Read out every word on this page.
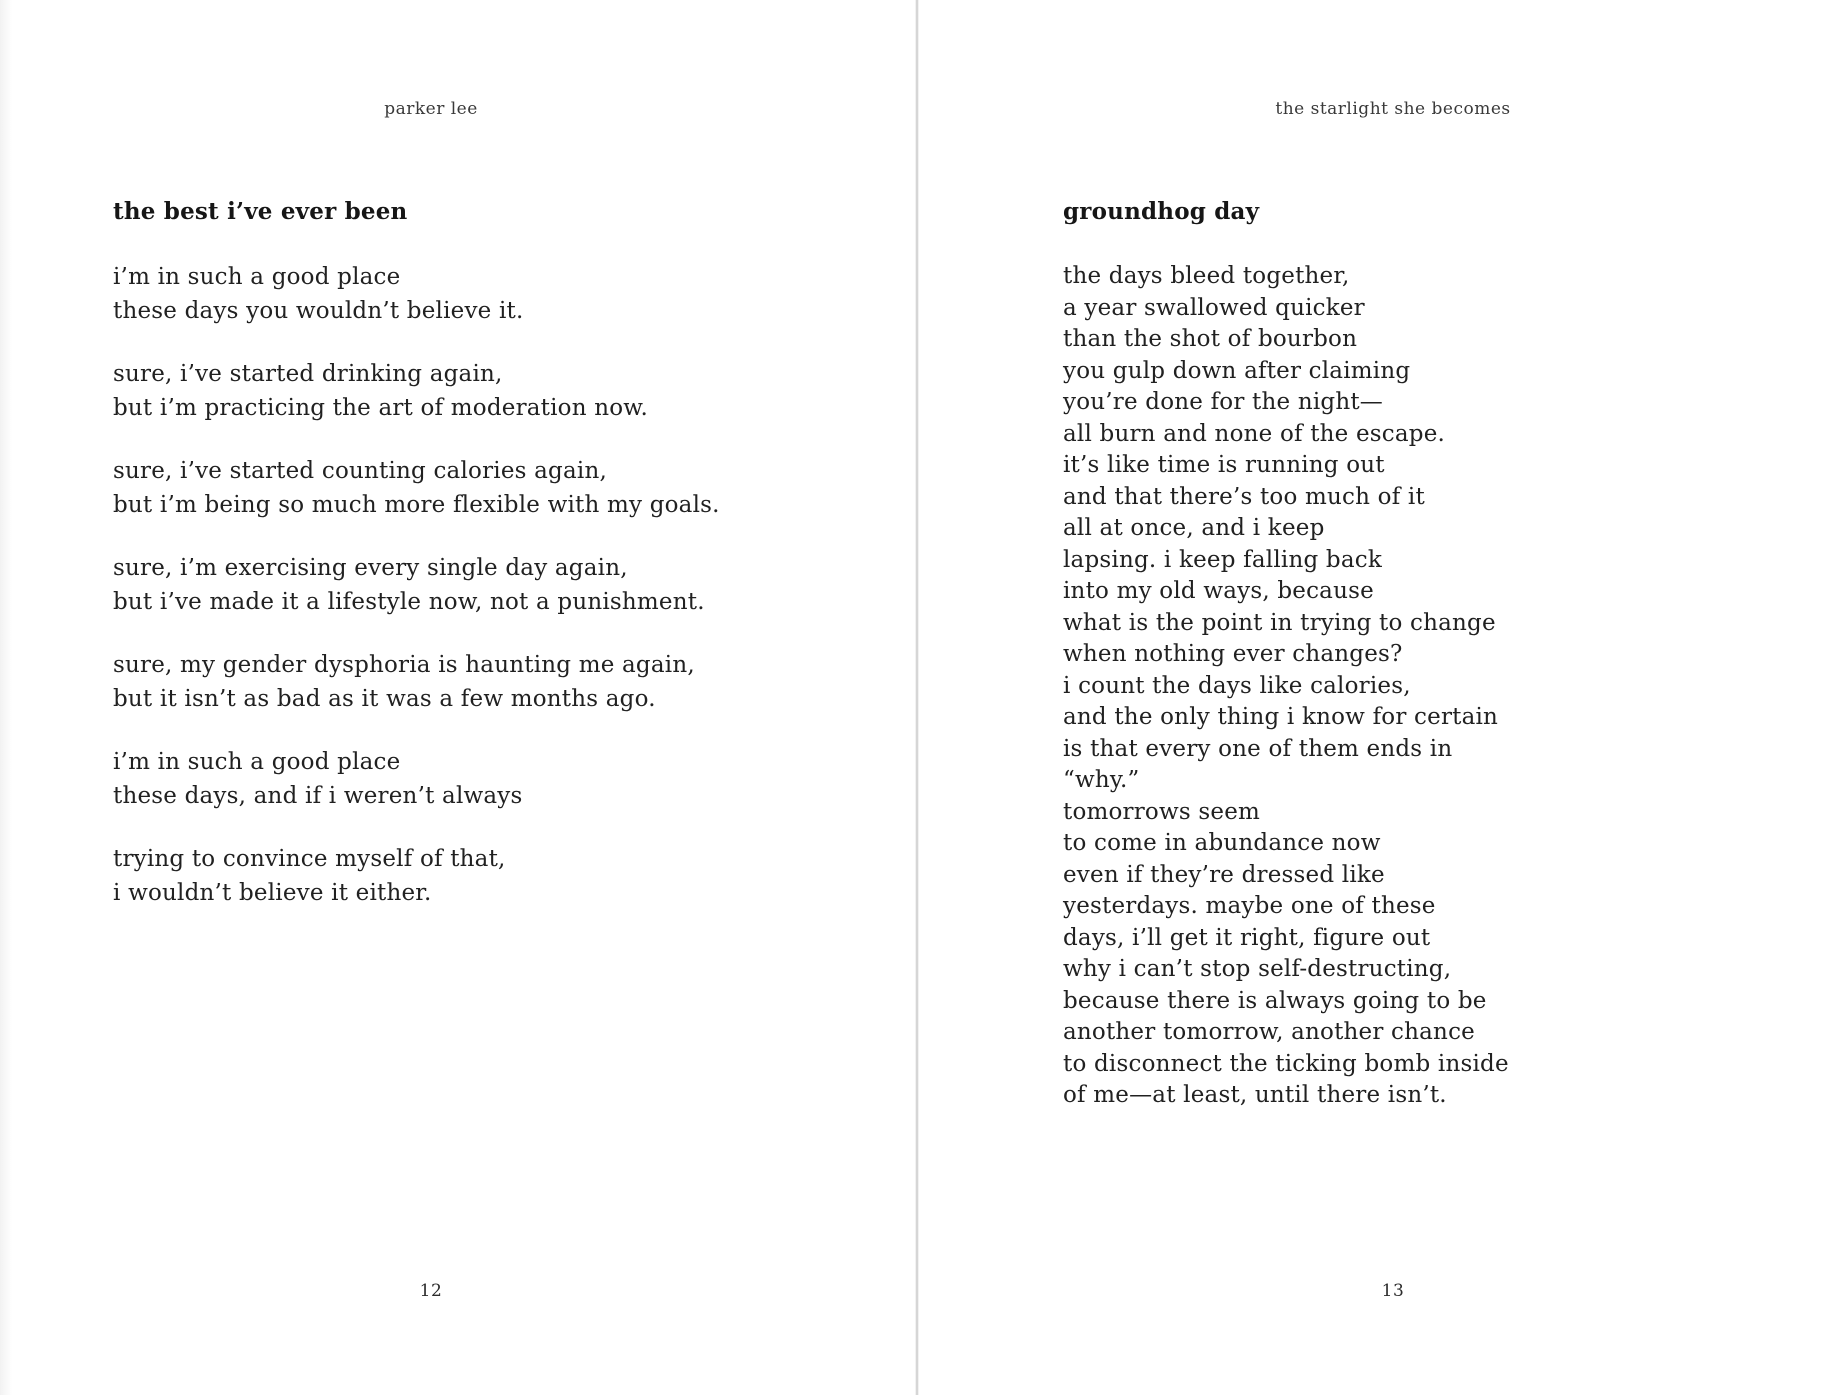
parker lee
the best i’ve ever been
i’m in such a good place
these days you wouldn’t believe it.
sure, i’ve started drinking again,
but i’m practicing the art of moderation now.
sure, i’ve started counting calories again,
but i’m being so much more flexible with my goals.
sure, i’m exercising every single day again,
but i’ve made it a lifestyle now, not a punishment.
sure, my gender dysphoria is haunting me again,
but it isn’t as bad as it was a few months ago.
i’m in such a good place
these days, and if i weren’t always
trying to convince myself of that,
i wouldn’t believe it either.
12
the starlight she becomes
groundhog day
the days bleed together,
a year swallowed quicker
than the shot of bourbon
you gulp down after claiming
you’re done for the night—
all burn and none of the escape.
it’s like time is running out
and that there’s too much of it
all at once, and i keep
lapsing. i keep falling back
into my old ways, because
what is the point in trying to change
when nothing ever changes?
i count the days like calories,
and the only thing i know for certain
is that every one of them ends in
“why.”
tomorrows seem
to come in abundance now
even if they’re dressed like
yesterdays. maybe one of these
days, i’ll get it right, figure out
why i can’t stop self-destructing,
because there is always going to be
another tomorrow, another chance
to disconnect the ticking bomb inside
of me—at least, until there isn’t.
13
